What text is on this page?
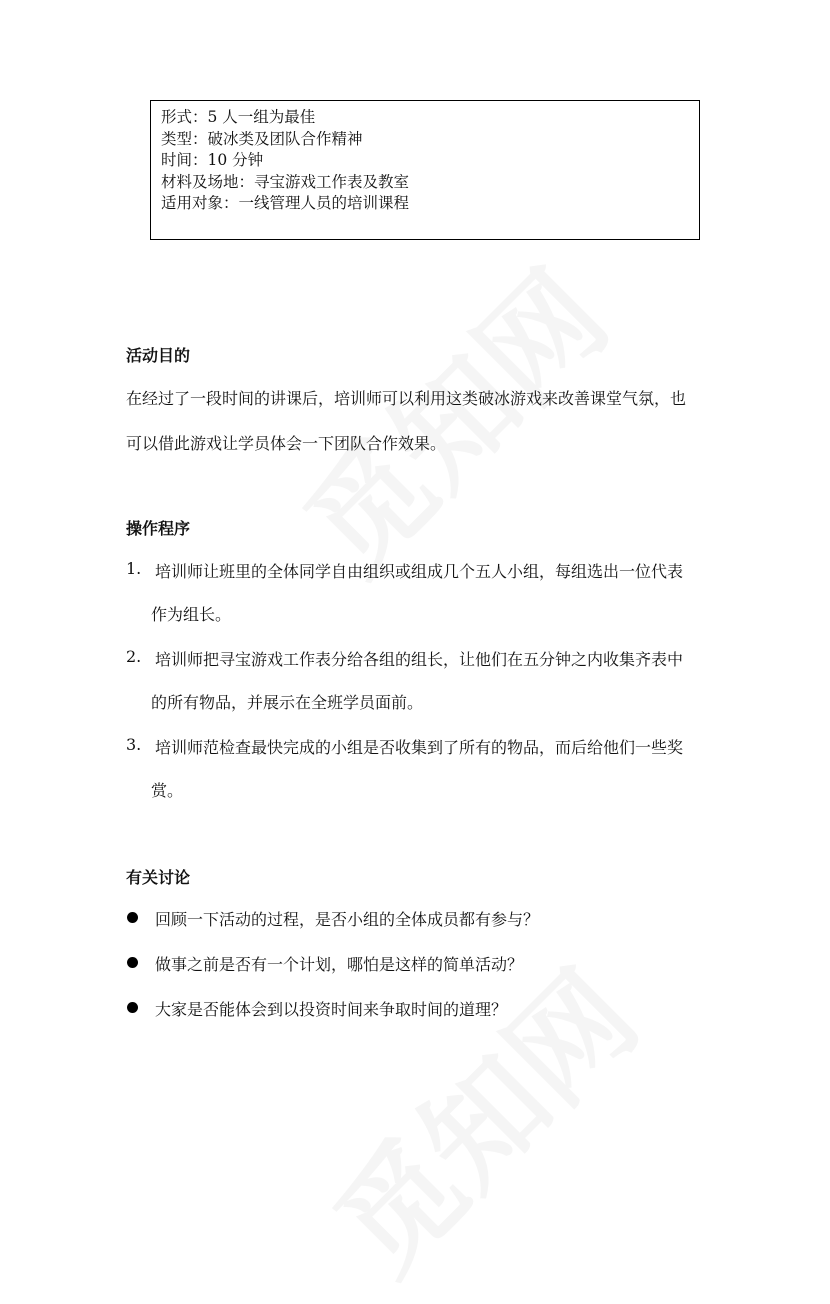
形式：5 人一组为最佳
类型：破冰类及团队合作精神
时间：10 分钟
材料及场地：寻宝游戏工作表及教室
适用对象：一线管理人员的培训课程
活动目的
在经过了一段时间的讲课后，培训师可以利用这类破冰游戏来改善课堂气氛，也
可以借此游戏让学员体会一下团队合作效果。
操作程序
1. 培训师让班里的全体同学自由组织或组成几个五人小组，每组选出一位代表
作为组长。
2. 培训师把寻宝游戏工作表分给各组的组长，让他们在五分钟之内收集齐表中
的所有物品，并展示在全班学员面前。
3. 培训师范检查最快完成的小组是否收集到了所有的物品，而后给他们一些奖
赏。
有关讨论
回顾一下活动的过程，是否小组的全体成员都有参与？
做事之前是否有一个计划，哪怕是这样的简单活动？
大家是否能体会到以投资时间来争取时间的道理？
